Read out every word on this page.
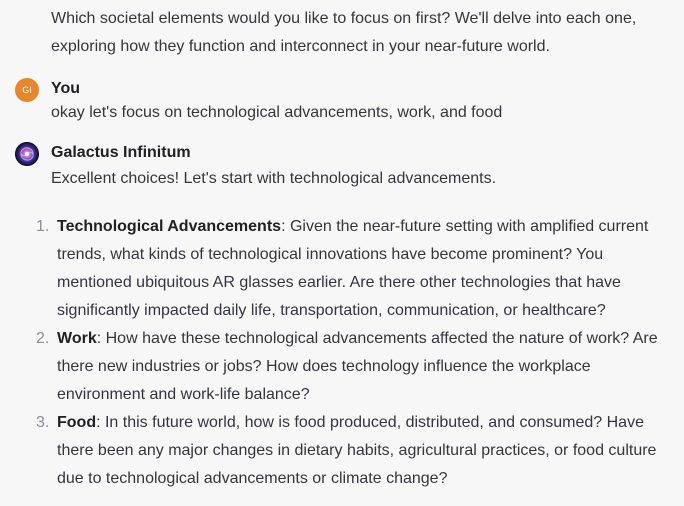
Which societal elements would you like to focus on first? We'll delve into each one, exploring how they function and interconnect in your near-future world.

GI	You
okay let's focus on technological advancements, work, and food
Galactus Infinitum
Excellent choices! Let's start with technological advancements.
1. Technological Advancements: Given the near-future setting with amplified current trends, what kinds of technological innovations have become prominent? You mentioned ubiquitous AR glasses earlier. Are there other technologies that have significantly impacted daily life, transportation, communication, or healthcare?
2. Work: How have these technological advancements affected the nature of work? Are there new industries or jobs? How does technology influence the workplace environment and work-life balance?
3. Food: In this future world, how is food produced, distributed, and consumed? Have there been any major changes in dietary habits, agricultural practices, or food culture due to technological advancements or climate change?
